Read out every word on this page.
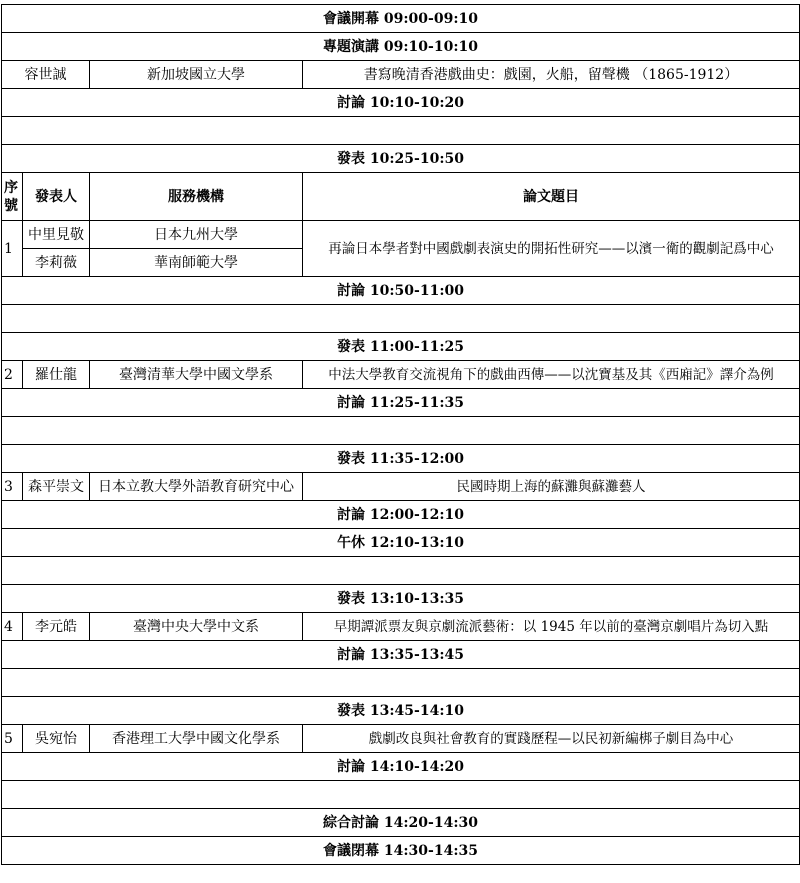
會議開幕 09:00-09:10			
專題演講 09:10-10:10			
容世誠		新加坡國立大學	書寫晚清香港戲曲史：戲園，火船，留聲機 （1865-1912）
討論 10:10-10:20			

發表 10:25-10:50			
序號	發表人	服務機構	論文題目
1	中里見敬	日本九州大學	再論日本學者對中國戲劇表演史的開拓性研究——以濱一衛的觀劇記爲中心
	李莉薇	華南師範大學	
討論 10:50-11:00			

發表 11:00-11:25			
2	羅仕龍	臺灣清華大學中國文學系	中法大學教育交流視角下的戲曲西傳——以沈寶基及其《西廂記》譯介為例
討論 11:25-11:35			

發表 11:35-12:00			
3	森平崇文	日本立教大學外語教育研究中心	民國時期上海的蘇灘與蘇灘藝人
討論 12:00-12:10			
午休 12:10-13:10			

發表 13:10-13:35			
4	李元皓	臺灣中央大學中文系	早期譚派票友與京劇流派藝術：以 1945 年以前的臺灣京劇唱片為切入點
討論 13:35-13:45			

發表 13:45-14:10			
5	吳宛怡	香港理工大學中國文化學系	戲劇改良與社會教育的實踐歷程—以民初新編梆子劇目為中心
討論 14:10-14:20			

綜合討論 14:20-14:30			
會議閉幕 14:30-14:35			
